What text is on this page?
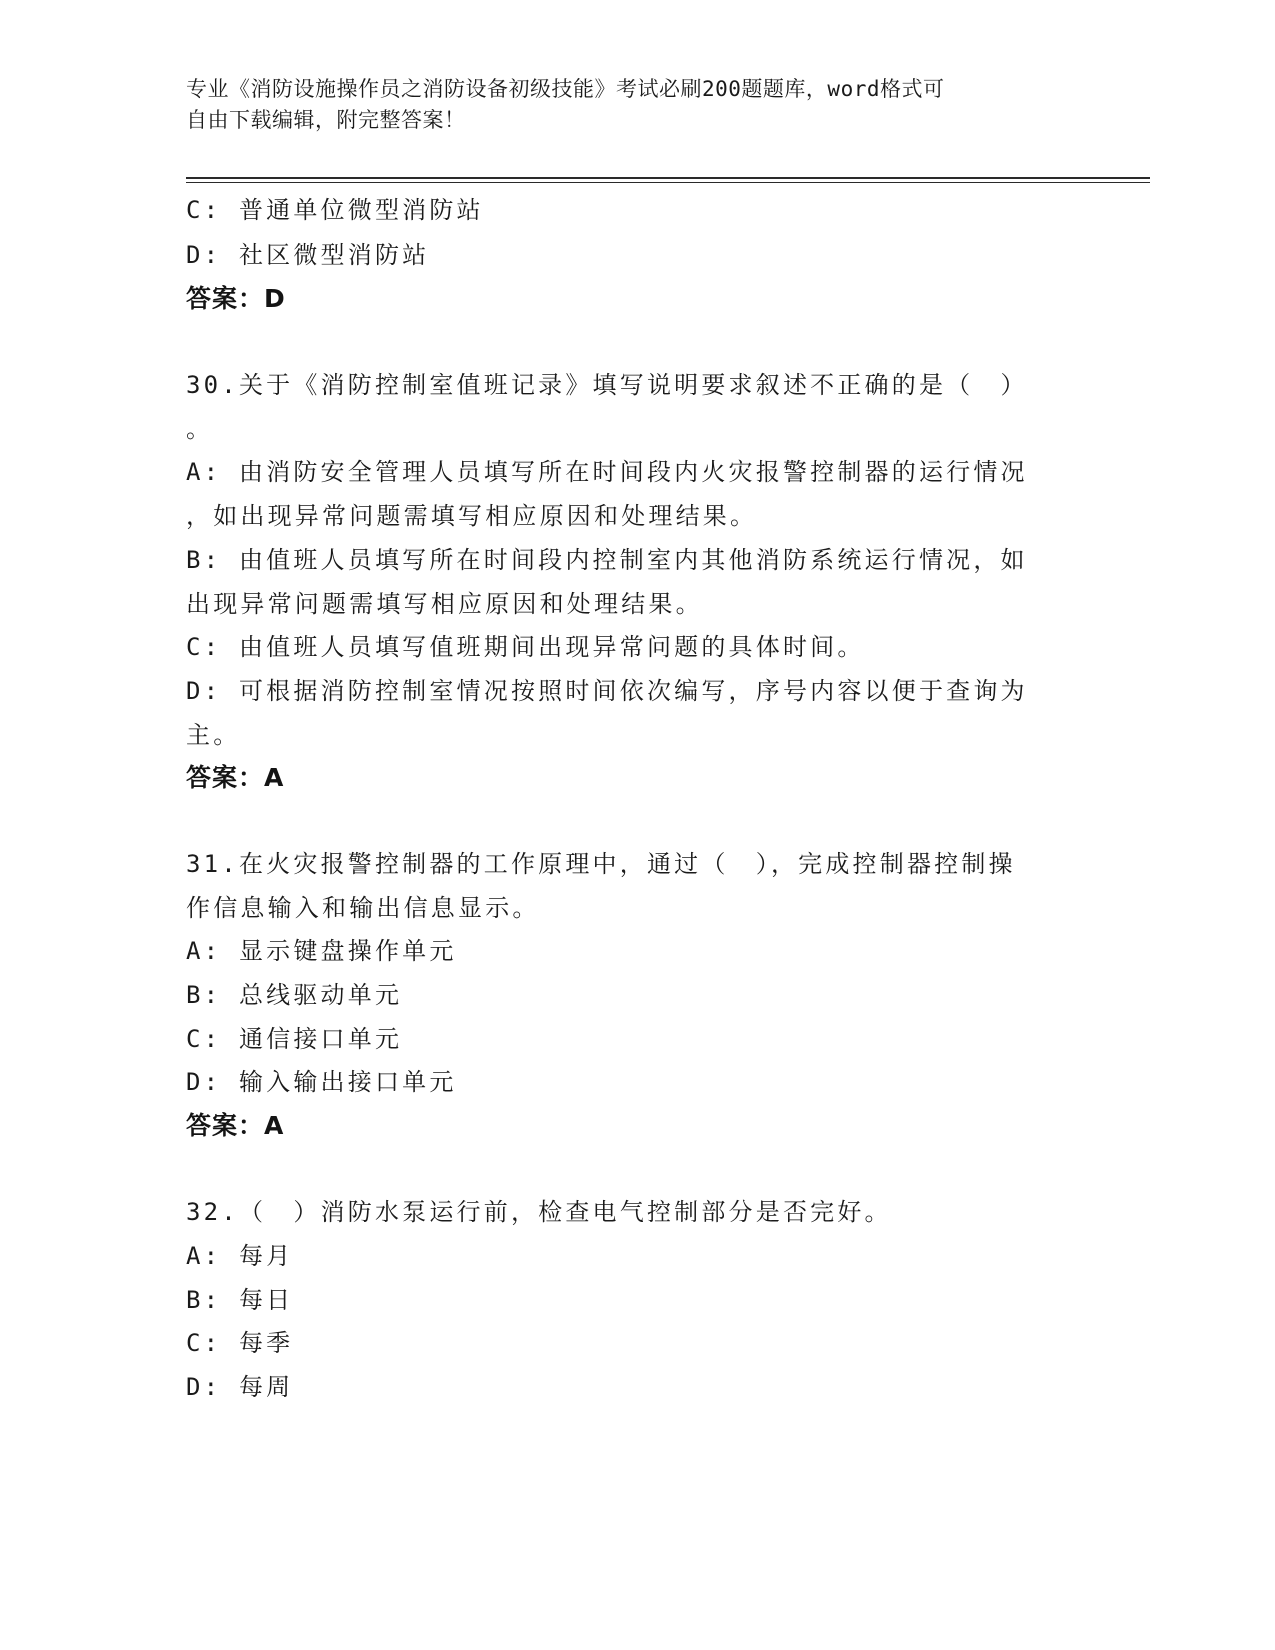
专业《消防设施操作员之消防设备初级技能》考试必刷200题题库，word格式可
自由下载编辑，附完整答案！
C: 普通单位微型消防站
D: 社区微型消防站
答案：D
30.关于《消防控制室值班记录》填写说明要求叙述不正确的是（　）
。
A: 由消防安全管理人员填写所在时间段内火灾报警控制器的运行情况
，如出现异常问题需填写相应原因和处理结果。
B: 由值班人员填写所在时间段内控制室内其他消防系统运行情况，如
出现异常问题需填写相应原因和处理结果。
C: 由值班人员填写值班期间出现异常问题的具体时间。
D: 可根据消防控制室情况按照时间依次编写，序号内容以便于查询为
主。
答案：A
31.在火灾报警控制器的工作原理中，通过（　），完成控制器控制操
作信息输入和输出信息显示。
A: 显示键盘操作单元
B: 总线驱动单元
C: 通信接口单元
D: 输入输出接口单元
答案：A
32.（　）消防水泵运行前，检查电气控制部分是否完好。
A: 每月
B: 每日
C: 每季
D: 每周
